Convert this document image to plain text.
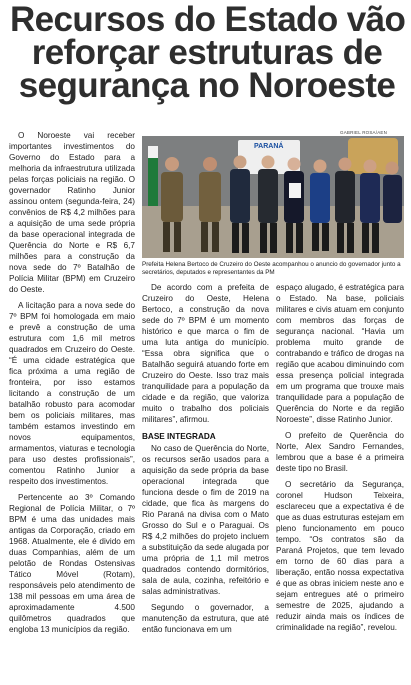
Recursos do Estado vão
reforçar estruturas de
segurança no Noroeste

O Noroeste vai receber importantes investimentos do Governo do Estado para a melhoria da infraestrutura utilizada pelas forças policiais na região. O governador Ratinho Junior assinou ontem (segunda-feira, 24) convênios de R$ 4,2 milhões para a aquisição de uma sede própria da base operacional integrada de Querência do Norte e R$ 6,7 milhões para a construção da nova sede do 7º Batalhão de Polícia Militar (BPM) em Cruzeiro do Oeste.

A licitação para a nova sede do 7º BPM foi homologada em maio e prevê a construção de uma estrutura com 1,6 mil metros quadrados em Cruzeiro do Oeste. “É uma cidade estratégica que fica próxima a uma região de fronteira, por isso estamos licitando a construção de um batalhão robusto para acomodar bem os policiais militares, mas também estamos investindo em novos equipamentos, armamentos, viaturas e tecnologia para uso destes profissionais”, comentou Ratinho Junior a respeito dos investimentos.

Pertencente ao 3º Comando Regional de Polícia Militar, o 7º BPM é uma das unidades mais antigas da Corporação, criado em 1968. Atualmente, ele é divido em duas Companhias, além de um pelotão de Rondas Ostensivas Tático Móvel (Rotam), responsáveis pelo atendimento de 138 mil pessoas em uma área de aproximadamente 4.500 quilômetros quadrados que engloba 13 municípios da região.

GABRIEL ROSA/AEN
PARANÁ
Prefeita Helena Bertoco de Cruzeiro do Oeste acompanhou o anuncio do governador junto a secretários, deputados e representantes da PM

De acordo com a prefeita de Cruzeiro do Oeste, Helena Bertoco, a construção da nova sede do 7º BPM é um momento histórico e que marca o fim de uma luta antiga do município. “Essa obra significa que o Batalhão seguirá atuando forte em Cruzeiro do Oeste. Isso traz mais tranquilidade para a população da cidade e da região, que valoriza muito o trabalho dos policiais militares”, afirmou.

BASE INTEGRADA

No caso de Querência do Norte, os recursos serão usados para a aquisição da sede própria da base operacional integrada que funciona desde o fim de 2019 na cidade, que fica às margens do Rio Paraná na divisa com o Mato Grosso do Sul e o Paraguai. Os R$ 4,2 milhões do projeto incluem a substituição da sede alugada por uma própria de 1,1 mil metros quadrados contendo dormitórios, sala de aula, cozinha, refeitório e salas administrativas.

Segundo o governador, a manutenção da estrutura, que até então funcionava em um

espaço alugado, é estratégica para o Estado. Na base, policiais militares e civis atuam em conjunto com membros das forças de segurança nacional. “Havia um problema muito grande de contrabando e tráfico de drogas na região que acabou diminuindo com essa presença policial integrada em um programa que trouxe mais tranquilidade para a população de Querência do Norte e da região Noroeste”, disse Ratinho Junior.

O prefeito de Querência do Norte, Alex Sandro Fernandes, lembrou que a base é a primeira deste tipo no Brasil.

O secretário da Segurança, coronel Hudson Teixeira, esclareceu que a expectativa é de que as duas estruturas estejam em pleno funcionamento em pouco tempo. “Os contratos são da Paraná Projetos, que tem levado em torno de 60 dias para a liberação, então nossa expectativa é que as obras iniciem neste ano e sejam entregues até o primeiro semestre de 2025, ajudando a reduzir ainda mais os índices de criminalidade na região”, revelou.
